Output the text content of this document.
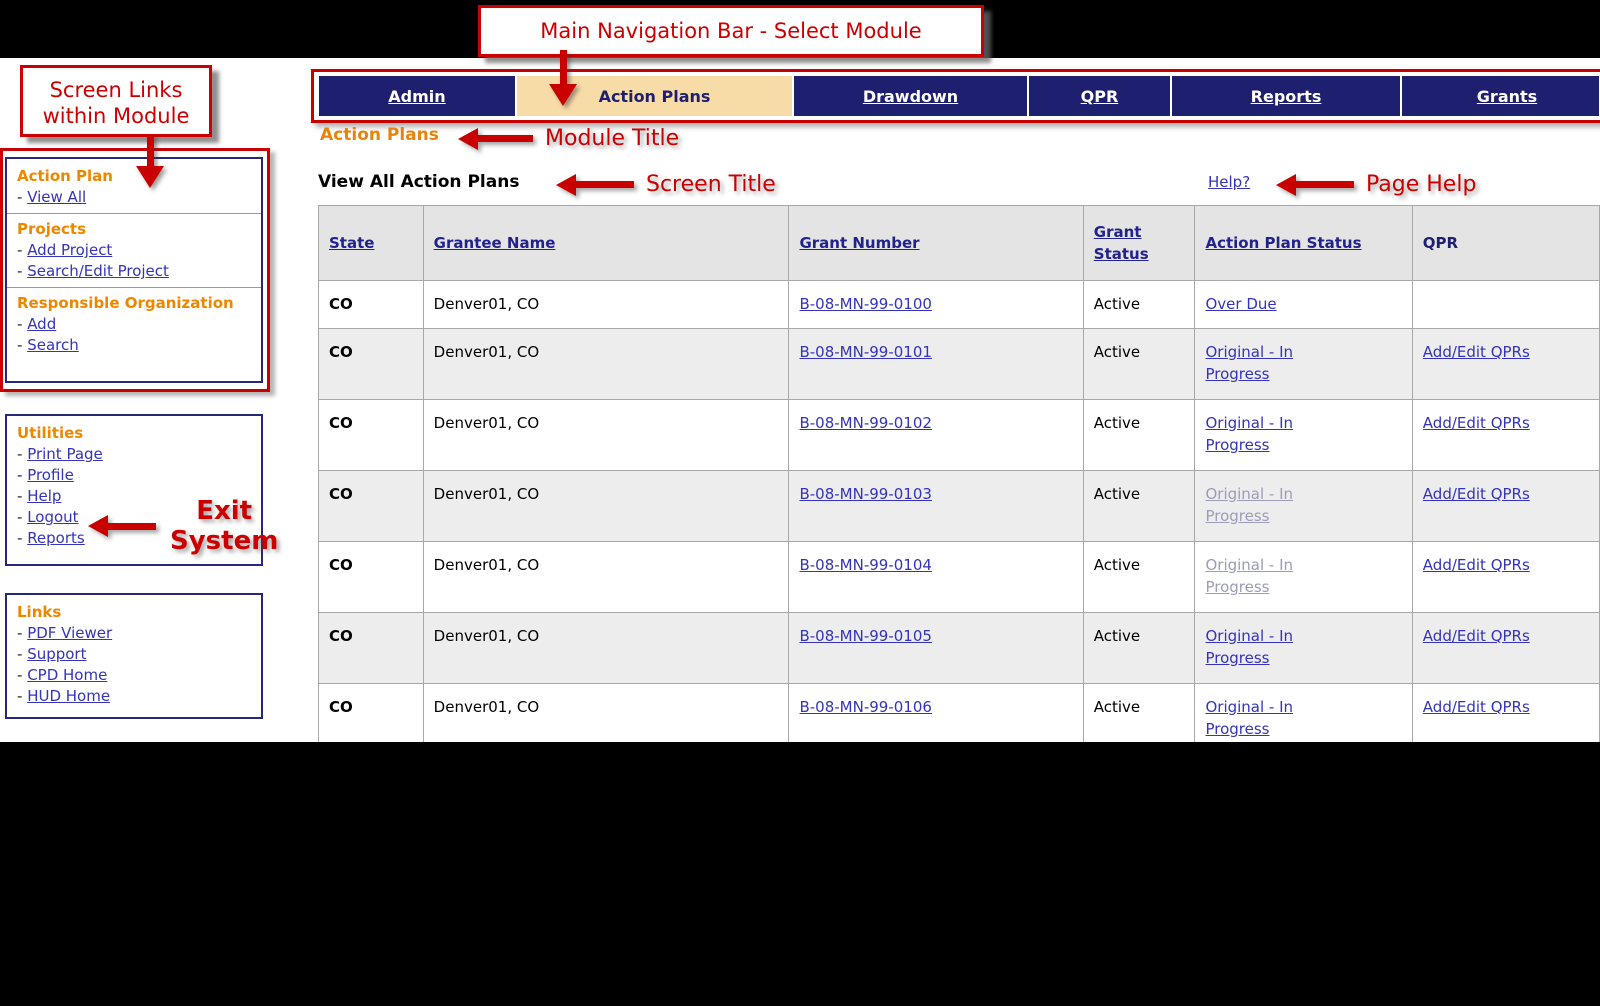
Main Navigation Bar - Select Module
Admin	Action Plans	Drawdown	QPR	Reports	Grants
Action Plans	Module Title
View All Action Plans	Screen Title	Help?	Page Help
Screen Links
within Module
Action Plan
- View All
Projects
- Add Project
- Search/Edit Project
Responsible Organization
- Add
- Search
Utilities
- Print Page
- Profile
- Help
- Logout
- Reports
Links
- PDF Viewer
- Support
- CPD Home
- HUD Home
Exit
System
State	Grantee Name	Grant Number	Grant Status	Action Plan Status	QPR
CO	Denver01, CO	B-08-MN-99-0100	Active	Over Due	
CO	Denver01, CO	B-08-MN-99-0101	Active	Original - In Progress	Add/Edit QPRs
CO	Denver01, CO	B-08-MN-99-0102	Active	Original - In Progress	Add/Edit QPRs
CO	Denver01, CO	B-08-MN-99-0103	Active	Original - In Progress	Add/Edit QPRs
CO	Denver01, CO	B-08-MN-99-0104	Active	Original - In Progress	Add/Edit QPRs
CO	Denver01, CO	B-08-MN-99-0105	Active	Original - In Progress	Add/Edit QPRs
CO	Denver01, CO	B-08-MN-99-0106	Active	Original - In Progress	Add/Edit QPRs
